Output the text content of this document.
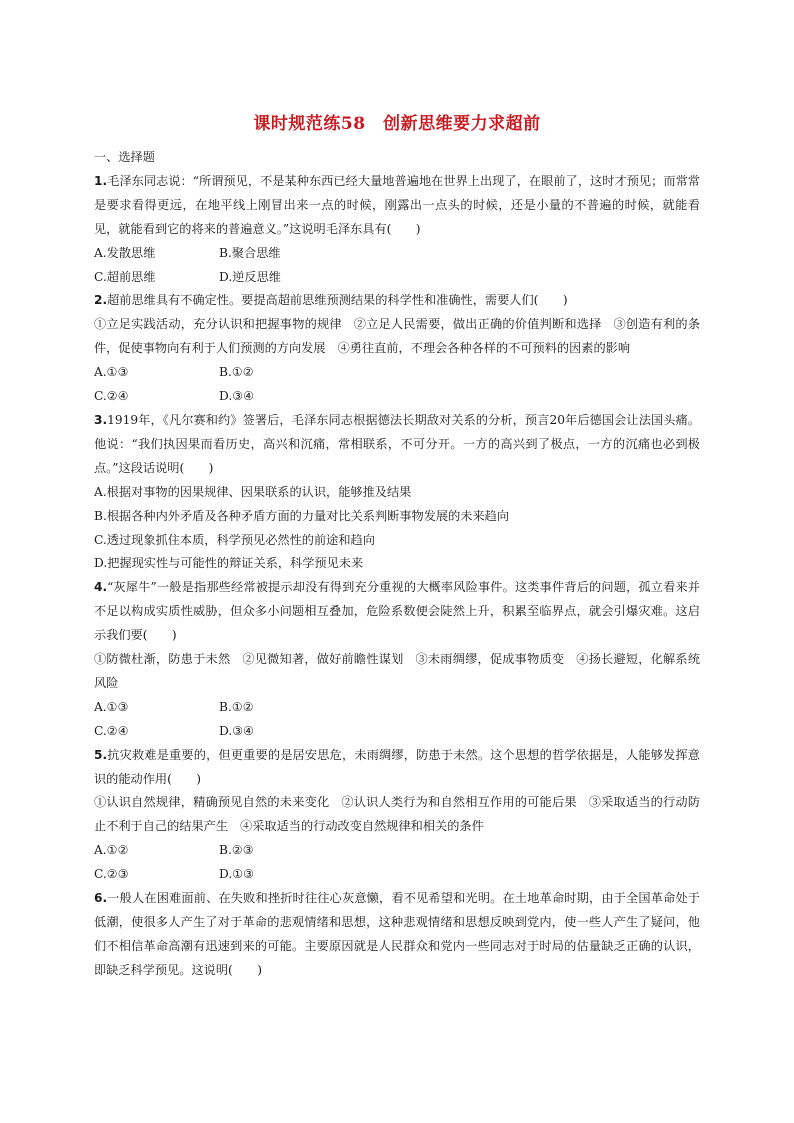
课时规范练58　创新思维要力求超前

一、选择题

1.毛泽东同志说：“所谓预见，不是某种东西已经大量地普遍地在世界上出现了，在眼前了，这时才预见；而常常是要求看得更远，在地平线上刚冒出来一点的时候，刚露出一点头的时候，还是小量的不普遍的时候，就能看见，就能看到它的将来的普遍意义。”这说明毛泽东具有(　　)

A.发散思维	B.聚合思维
C.超前思维	D.逆反思维

2.超前思维具有不确定性。要提高超前思维预测结果的科学性和准确性，需要人们(　　)

①立足实践活动，充分认识和把握事物的规律 ②立足人民需要，做出正确的价值判断和选择 ③创造有利的条件，促使事物向有利于人们预测的方向发展 ④勇往直前，不理会各种各样的不可预料的因素的影响

A.①③	B.①②
C.②④	D.③④

3.1919年，《凡尔赛和约》签署后，毛泽东同志根据德法长期敌对关系的分析，预言20年后德国会让法国头痛。他说：“我们执因果而看历史，高兴和沉痛，常相联系，不可分开。一方的高兴到了极点，一方的沉痛也必到极点。”这段话说明(　　)

A.根据对事物的因果规律、因果联系的认识，能够推及结果

B.根据各种内外矛盾及各种矛盾方面的力量对比关系判断事物发展的未来趋向

C.透过现象抓住本质，科学预见必然性的前途和趋向

D.把握现实性与可能性的辩证关系，科学预见未来

4.“灰犀牛”一般是指那些经常被提示却没有得到充分重视的大概率风险事件。这类事件背后的问题，孤立看来并不足以构成实质性威胁，但众多小问题相互叠加，危险系数便会陡然上升，积累至临界点，就会引爆灾难。这启示我们要(　　)

①防微杜渐，防患于未然 ②见微知著，做好前瞻性谋划 ③未雨绸缪，促成事物质变 ④扬长避短，化解系统风险

A.①③	B.①②
C.②④	D.③④

5.抗灾救难是重要的，但更重要的是居安思危，未雨绸缪，防患于未然。这个思想的哲学依据是，人能够发挥意识的能动作用(　　)

①认识自然规律，精确预见自然的未来变化 ②认识人类行为和自然相互作用的可能后果 ③采取适当的行动防止不利于自己的结果产生 ④采取适当的行动改变自然规律和相关的条件

A.①②	B.②③
C.②③	D.①③

6.一般人在困难面前、在失败和挫折时往往心灰意懒，看不见希望和光明。在土地革命时期，由于全国革命处于低潮，使很多人产生了对于革命的悲观情绪和思想，这种悲观情绪和思想反映到党内，使一些人产生了疑问，他们不相信革命高潮有迅速到来的可能。主要原因就是人民群众和党内一些同志对于时局的估量缺乏正确的认识，即缺乏科学预见。这说明(　　)
